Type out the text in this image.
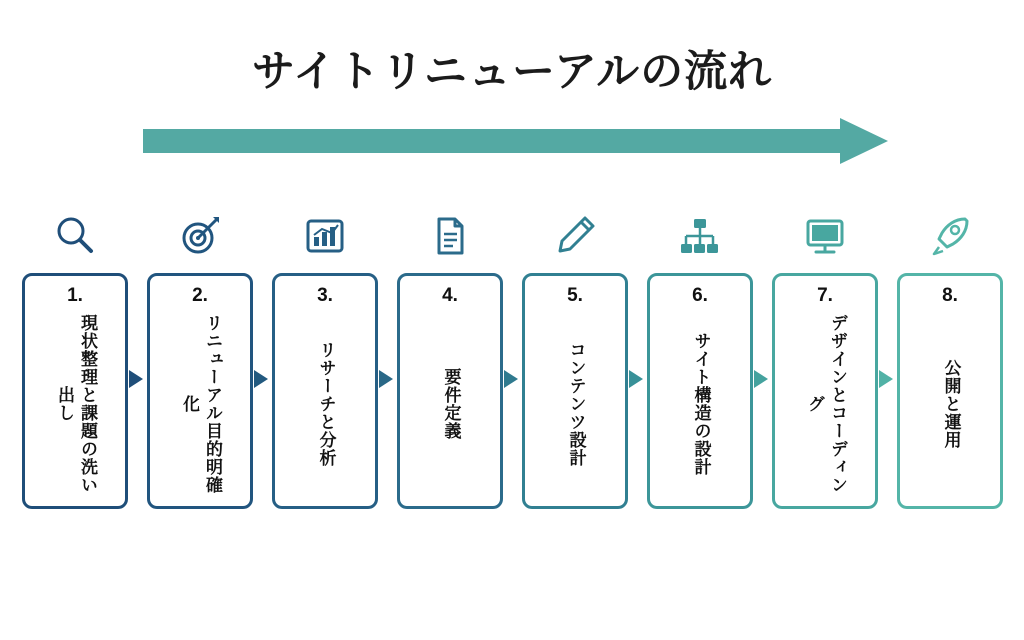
サイトリニューアルの流れ
1.
現状整理と課題の洗い出し
2.
リニューアル目的明確化
3.
リサーチと分析
4.
要件定義
5.
コンテンツ設計
6.
サイト構造の設計
7.
デザインとコーディング
8.
公開と運用
